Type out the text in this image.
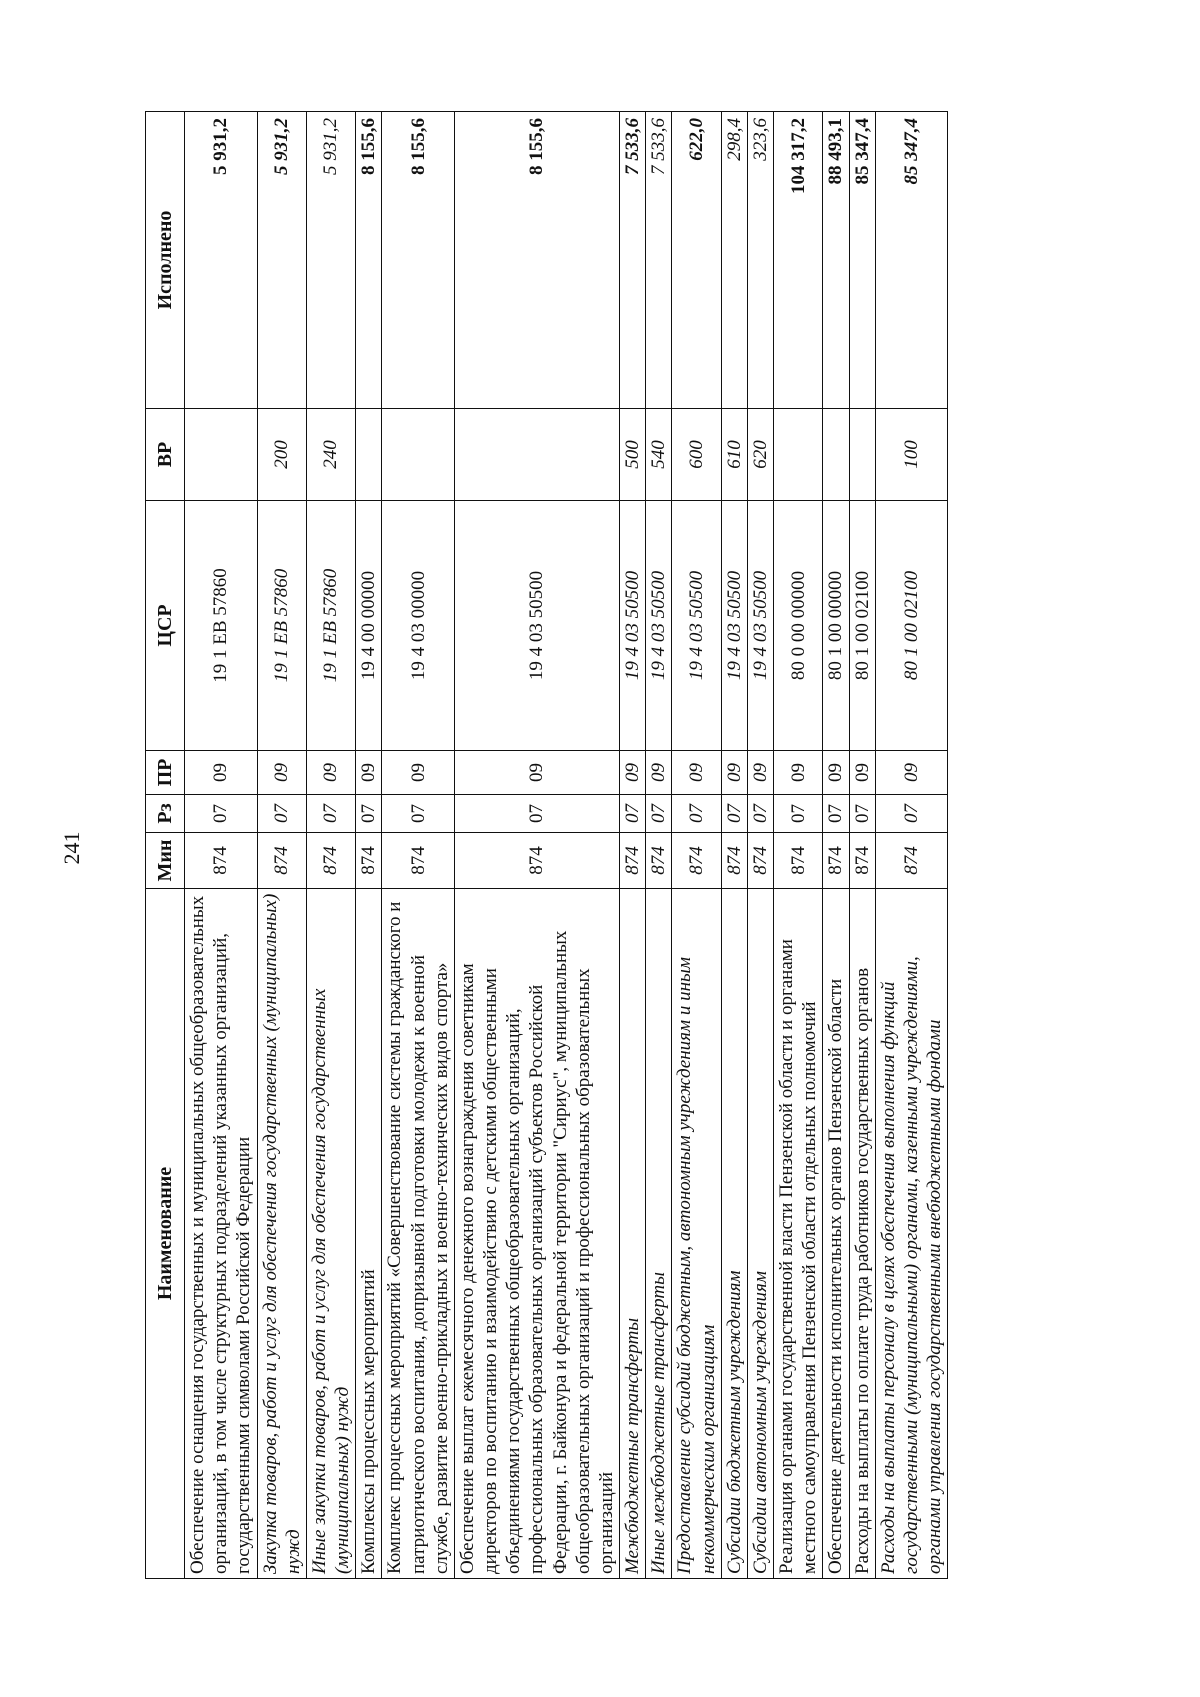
241
Наименование	Мин	Рз	ПР	ЦСР	ВР	Исполнено
Обеспечение оснащения государственных и муниципальных общеобразовательных организаций, в том числе структурных подразделений указанных организаций, государственными символами Российской Федерации	874	07	09	19 1 ЕВ 57860		5 931,2
Закупка товаров, работ и услуг для обеспечения государственных (муниципальных) нужд	874	07	09	19 1 ЕВ 57860	200	5 931,2
Иные закупки товаров, работ и услуг для обеспечения государственных (муниципальных) нужд	874	07	09	19 1 ЕВ 57860	240	5 931,2
Комплексы процессных мероприятий	874	07	09	19 4 00 00000		8 155,6
Комплекс процессных мероприятий «Совершенствование системы гражданского и патриотического воспитания, допризывной подготовки молодежи к военной службе, развитие военно-прикладных и военно-технических видов спорта»	874	07	09	19 4 03 00000		8 155,6
Обеспечение выплат ежемесячного денежного вознаграждения советникам директоров по воспитанию и взаимодействию с детскими общественными объединениями государственных общеобразовательных организаций, профессиональных образовательных организаций субъектов Российской Федерации, г. Байконура и федеральной территории "Сириус", муниципальных общеобразовательных организаций и профессиональных образовательных организаций	874	07	09	19 4 03 50500		8 155,6
Межбюджетные трансферты	874	07	09	19 4 03 50500	500	7 533,6
Иные межбюджетные трансферты	874	07	09	19 4 03 50500	540	7 533,6
Предоставление субсидий бюджетным, автономным учреждениям и иным некоммерческим организациям	874	07	09	19 4 03 50500	600	622,0
Субсидии бюджетным учреждениям	874	07	09	19 4 03 50500	610	298,4
Субсидии автономным учреждениям	874	07	09	19 4 03 50500	620	323,6
Реализация органами государственной власти Пензенской области и органами местного самоуправления Пензенской области отдельных полномочий	874	07	09	80 0 00 00000		104 317,2
Обеспечение деятельности исполнительных органов Пензенской области	874	07	09	80 1 00 00000		88 493,1
Расходы на выплаты по оплате труда работников государственных органов	874	07	09	80 1 00 02100		85 347,4
Расходы на выплаты персоналу в целях обеспечения выполнения функций государственными (муниципальными) органами, казенными учреждениями, органами управления государственными внебюджетными фондами	874	07	09	80 1 00 02100	100	85 347,4
